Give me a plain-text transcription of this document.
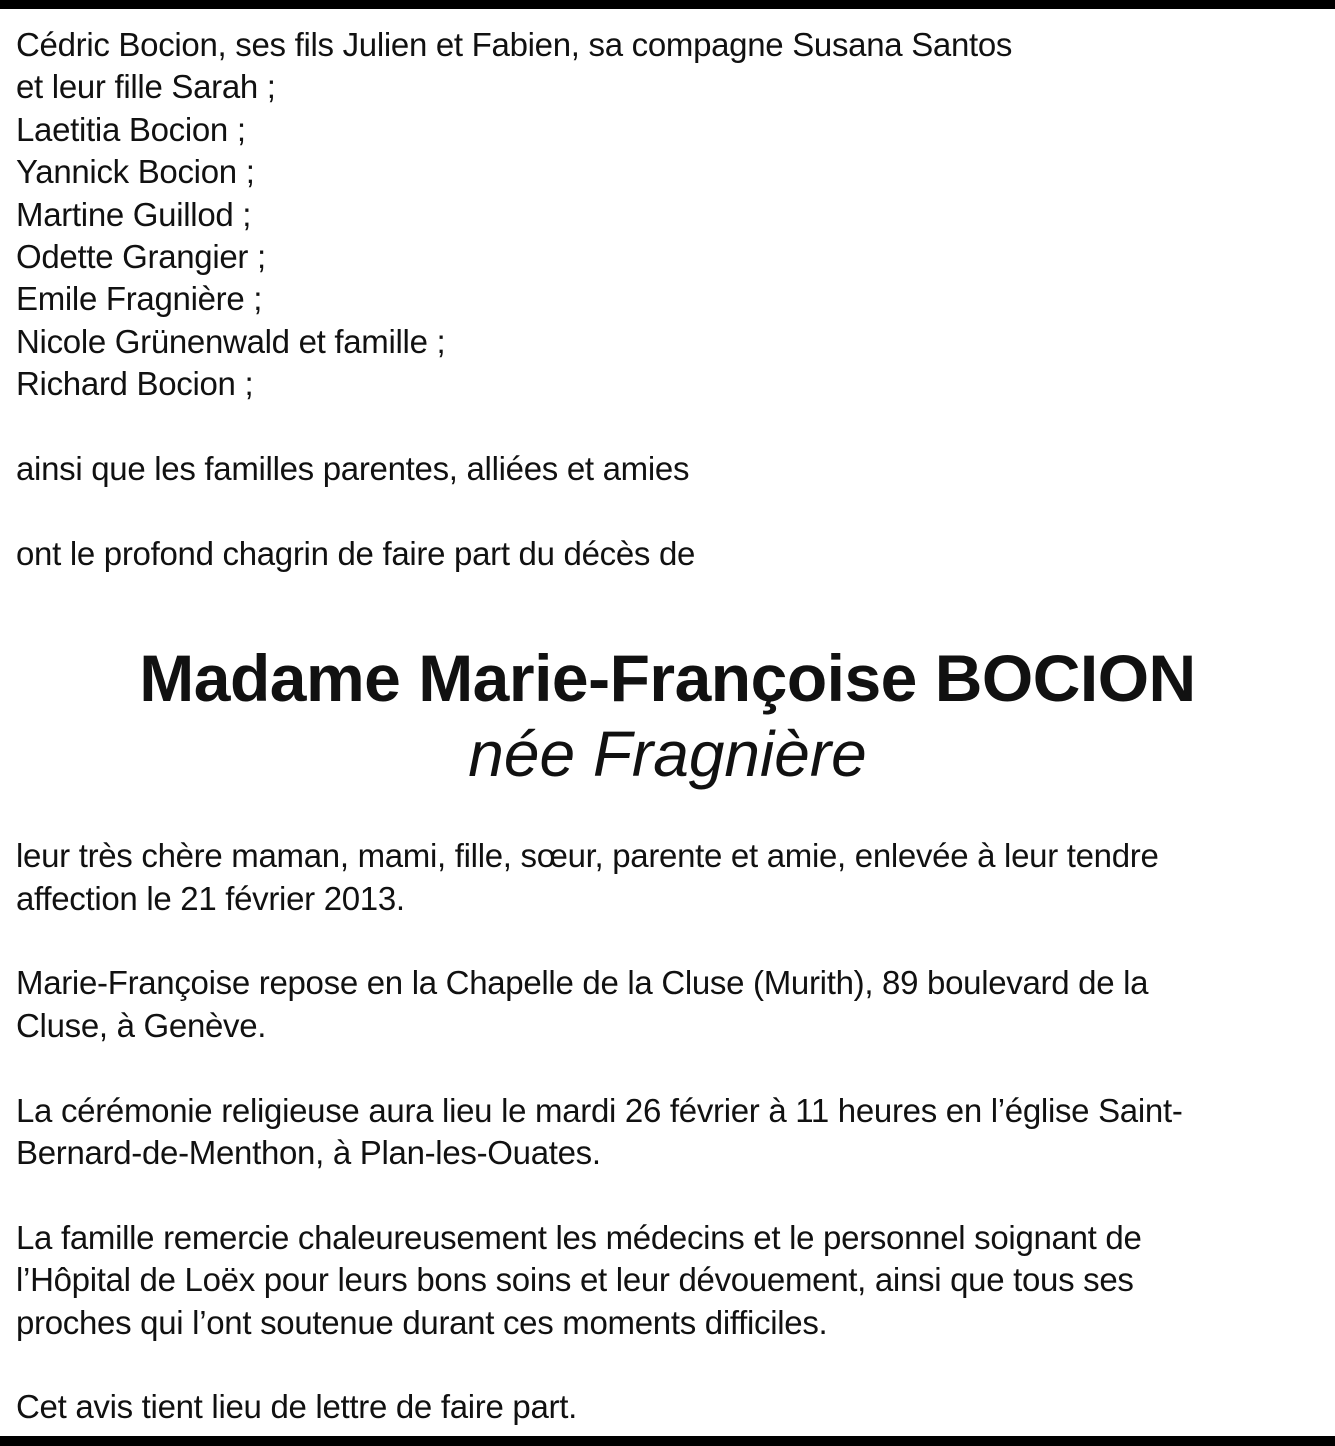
Cédric Bocion, ses fils Julien et Fabien, sa compagne Susana Santos
et leur fille Sarah ;
Laetitia Bocion ;
Yannick Bocion ;
Martine Guillod ;
Odette Grangier ;
Emile Fragnière ;
Nicole Grünenwald et famille ;
Richard Bocion ;
ainsi que les familles parentes, alliées et amies
ont le profond chagrin de faire part du décès de
Madame Marie-Françoise BOCION
née Fragnière
leur très chère maman, mami, fille, sœur, parente et amie, enlevée à leur tendre
affection le 21 février 2013.
Marie-Françoise repose en la Chapelle de la Cluse (Murith), 89 boulevard de la
Cluse, à Genève.
La cérémonie religieuse aura lieu le mardi 26 février à 11 heures en l’église Saint-
Bernard-de-Menthon, à Plan-les-Ouates.
La famille remercie chaleureusement les médecins et le personnel soignant de
l’Hôpital de Loëx pour leurs bons soins et leur dévouement, ainsi que tous ses
proches qui l’ont soutenue durant ces moments difficiles.
Cet avis tient lieu de lettre de faire part.
